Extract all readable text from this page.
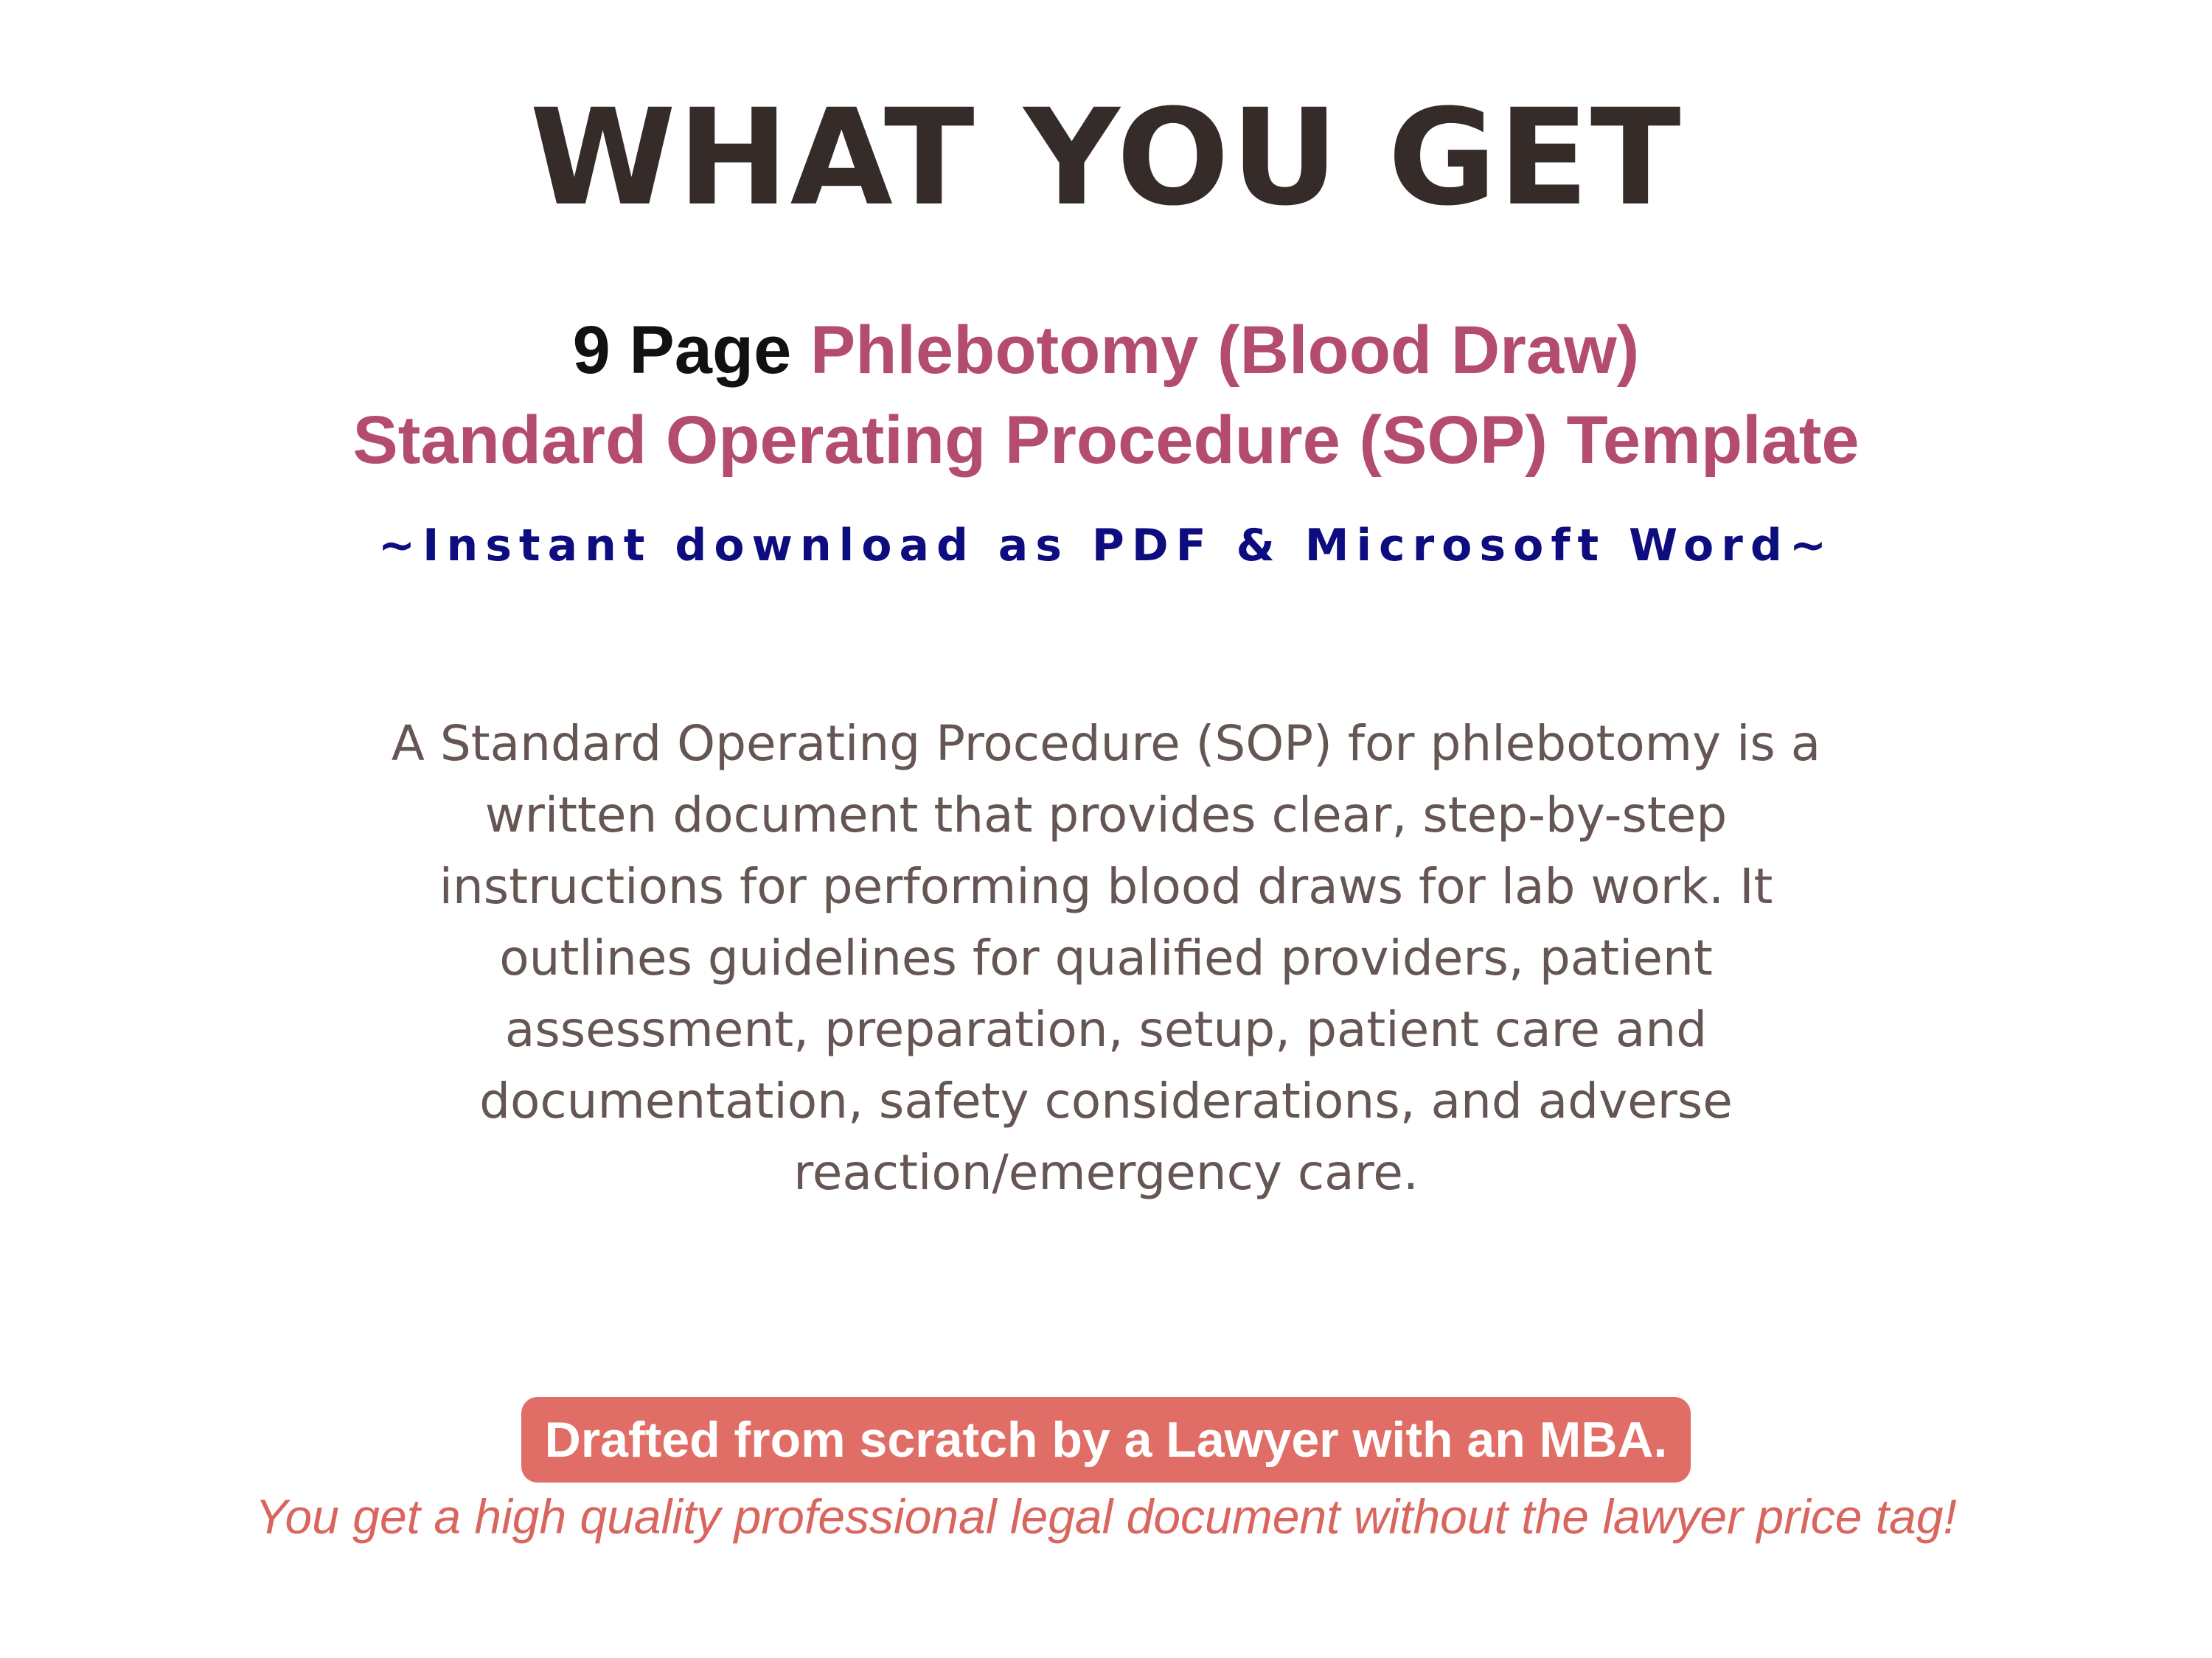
WHAT YOU GET
9 Page Phlebotomy (Blood Draw)
Standard Operating Procedure (SOP) Template
~Instant download as PDF & Microsoft Word~
A Standard Operating Procedure (SOP) for phlebotomy is a
written document that provides clear, step-by-step
instructions for performing blood draws for lab work. It
outlines guidelines for qualified providers, patient
assessment, preparation, setup, patient care and
documentation, safety considerations, and adverse
reaction/emergency care.
Drafted from scratch by a Lawyer with an MBA.
You get a high quality professional legal document without the lawyer price tag!
